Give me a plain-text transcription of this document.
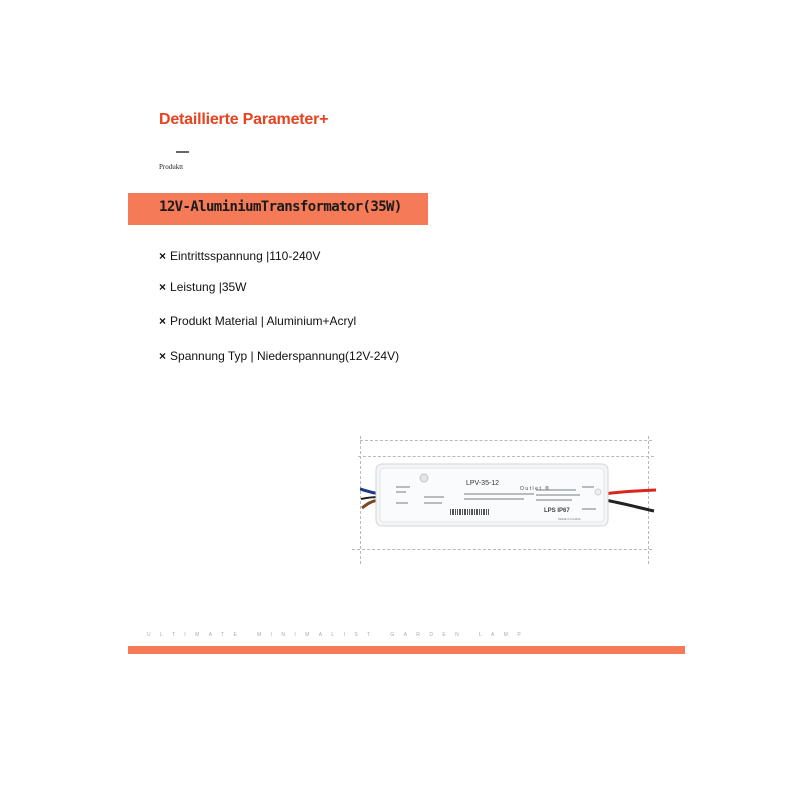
Detaillierte Parameter+
Produktt
12V-AluminiumTransformator(35W)
× Eintrittsspannung |110-240V
× Leistung |35W
× Produkt Material | Aluminium+Acryl
× Spannung Typ | Niederspannung(12V-24V)
LPV-35-12
Outlet ®
LPS IP67
MADE IN CHINA
ULTIMATE MINIMALIST GARDEN LAMP
